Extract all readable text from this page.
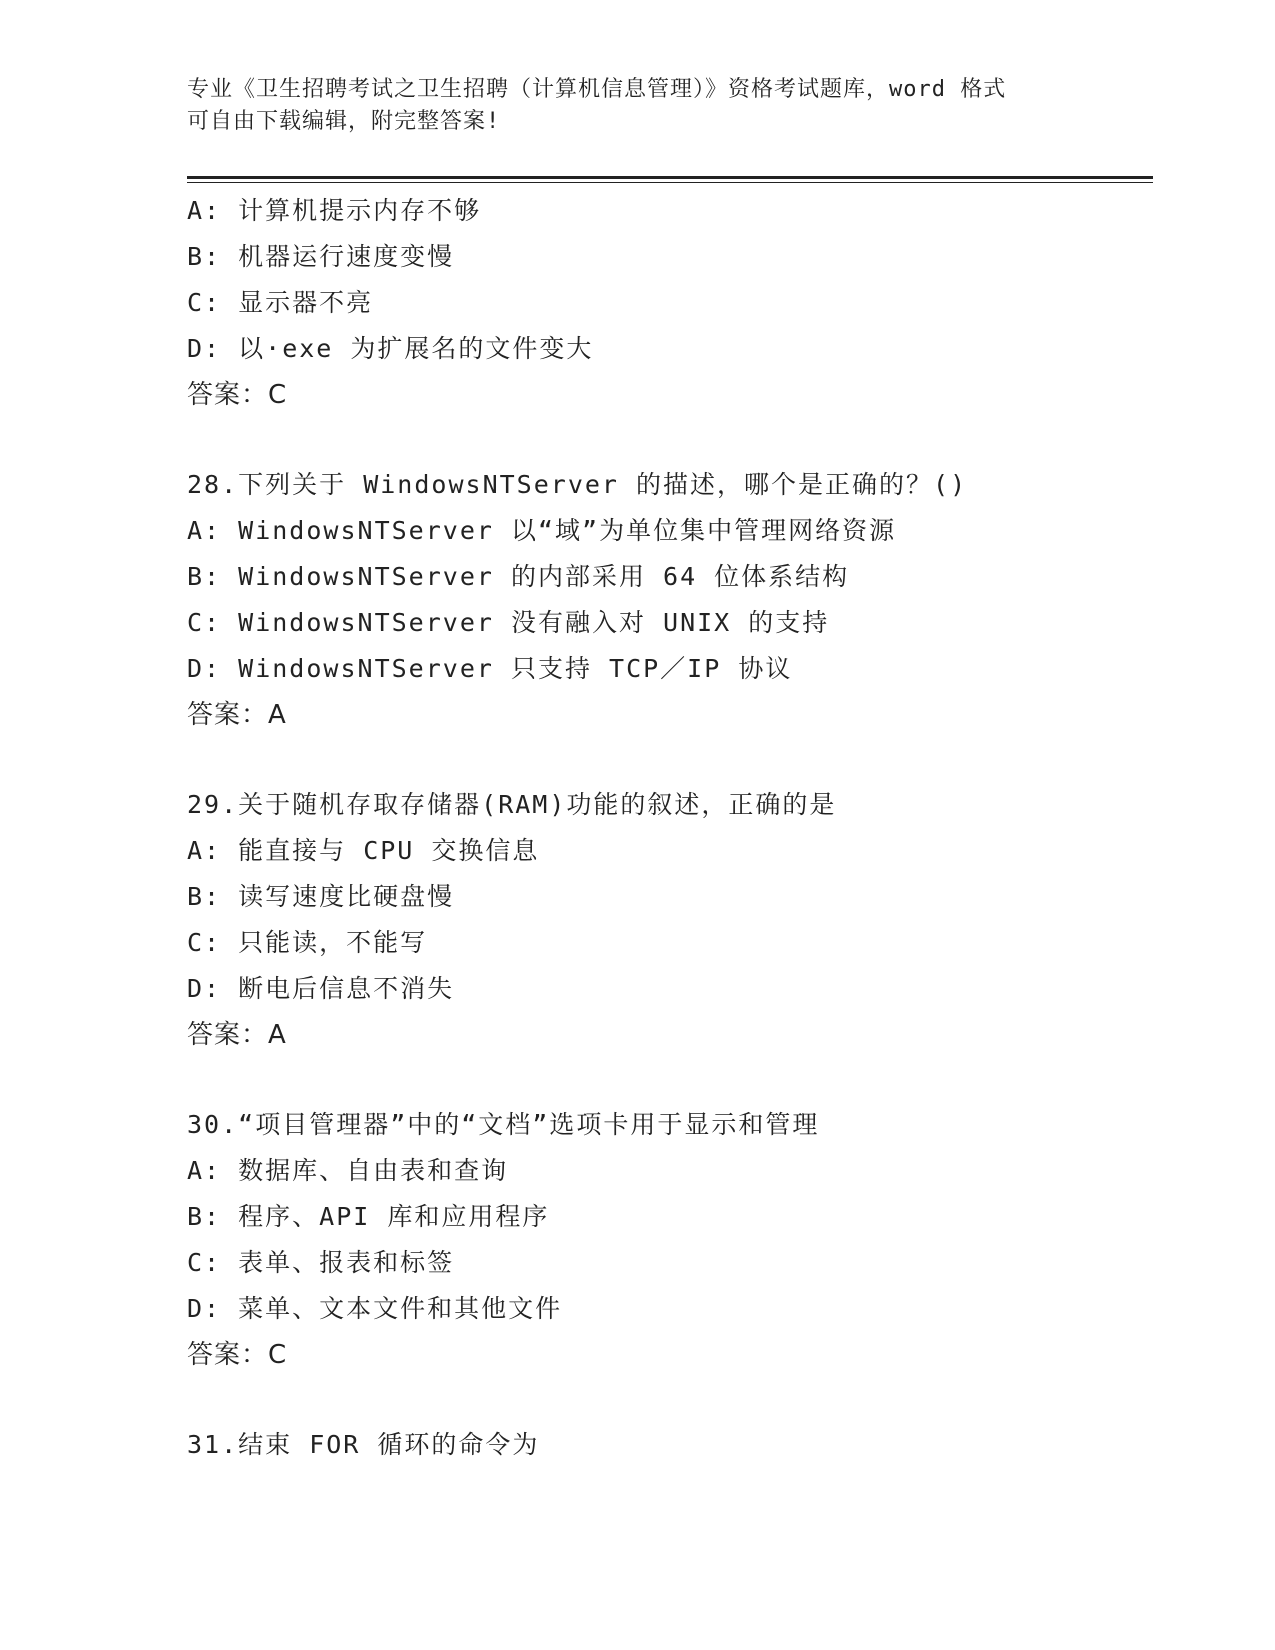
专业《卫生招聘考试之卫生招聘（计算机信息管理）》资格考试题库，word 格式
可自由下载编辑，附完整答案!
A: 计算机提示内存不够
B: 机器运行速度变慢
C: 显示器不亮
D: 以·exe 为扩展名的文件变大
答案：C
28.下列关于 WindowsNTServer 的描述，哪个是正确的？()
A: WindowsNTServer 以“域”为单位集中管理网络资源
B: WindowsNTServer 的内部采用 64 位体系结构
C: WindowsNTServer 没有融入对 UNIX 的支持
D: WindowsNTServer 只支持 TCP／IP 协议
答案：A
29.关于随机存取存储器(RAM)功能的叙述，正确的是
A: 能直接与 CPU 交换信息
B: 读写速度比硬盘慢
C: 只能读，不能写
D: 断电后信息不消失
答案：A
30.“项目管理器”中的“文档”选项卡用于显示和管理
A: 数据库、自由表和查询
B: 程序、API 库和应用程序
C: 表单、报表和标签
D: 菜单、文本文件和其他文件
答案：C
31.结束 FOR 循环的命令为
